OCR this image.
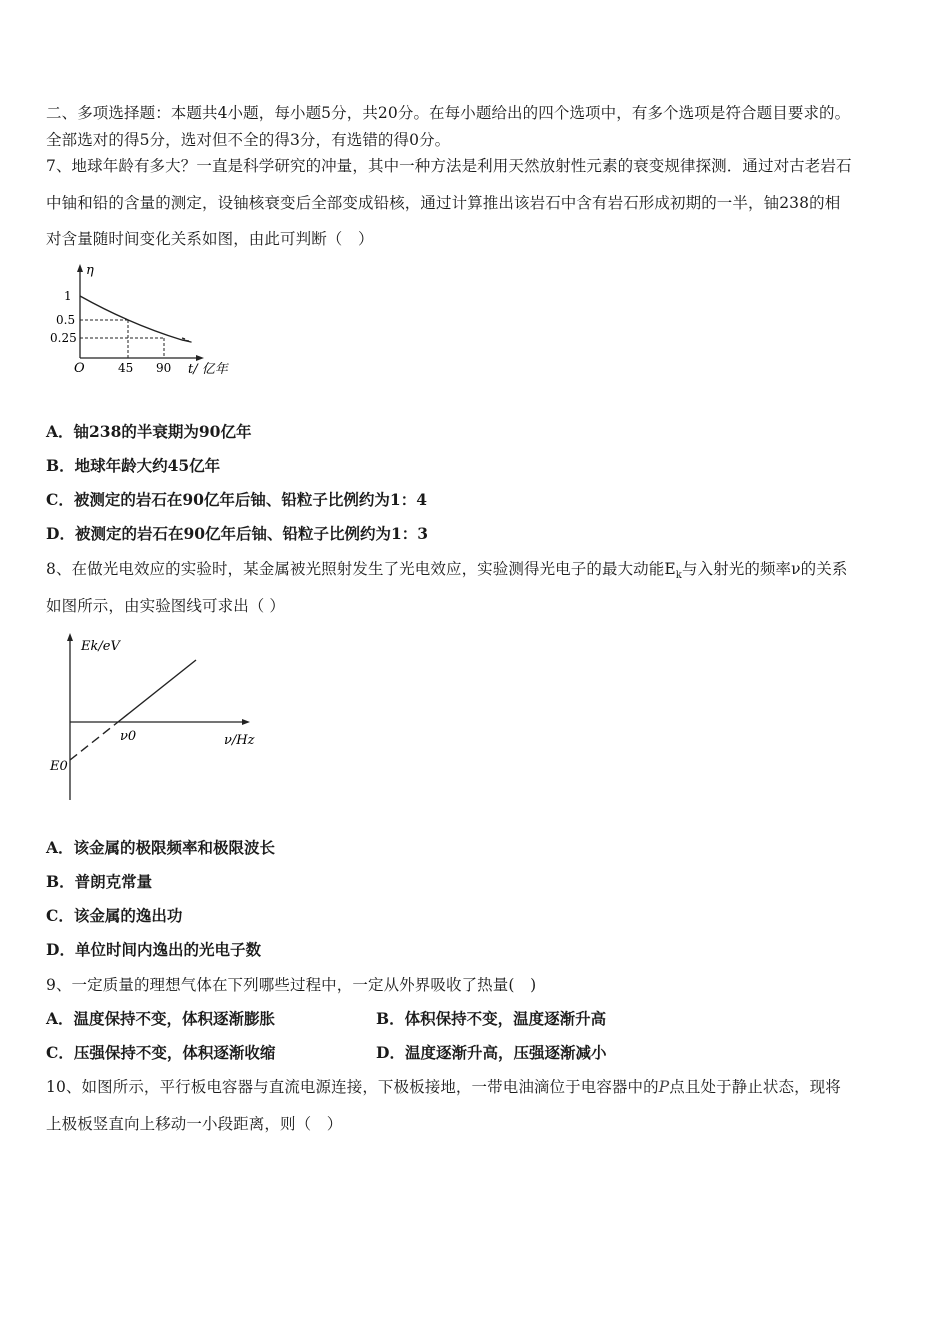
二、多项选择题：本题共4小题，每小题5分，共20分。在每小题给出的四个选项中，有多个选项是符合题目要求的。
全部选对的得5分，选对但不全的得3分，有选错的得0分。
7、地球年龄有多大？一直是科学研究的冲量，其中一种方法是利用天然放射性元素的衰变规律探测．通过对古老岩石
中铀和铅的含量的测定，设铀核衰变后全部变成铅核，通过计算推出该岩石中含有岩石形成初期的一半，铀238的相
对含量随时间变化关系如图，由此可判断（　）
η
1
0.5
0.25
O	45 90 t/ 亿年
A．铀238的半衰期为90亿年
B．地球年龄大约45亿年
C．被测定的岩石在90亿年后铀、铅粒子比例约为1：4
D．被测定的岩石在90亿年后铀、铅粒子比例约为1：3
8、在做光电效应的实验时，某金属被光照射发生了光电效应，实验测得光电子的最大动能$E_k$与入射光的频率ν的关系
如图所示，由实验图线可求出（ ）
Ek/eV
ν0	ν/Hz
E0
A．该金属的极限频率和极限波长
B．普朗克常量
C．该金属的逸出功
D．单位时间内逸出的光电子数
9、一定质量的理想气体在下列哪些过程中，一定从外界吸收了热量(　)
A．温度保持不变，体积逐渐膨胀	B．体积保持不变，温度逐渐升高
C．压强保持不变，体积逐渐收缩	D．温度逐渐升高，压强逐渐减小
10、如图所示，平行板电容器与直流电源连接，下极板接地，一带电油滴位于电容器中的P点且处于静止状态，现将
上极板竖直向上移动一小段距离，则（　）
